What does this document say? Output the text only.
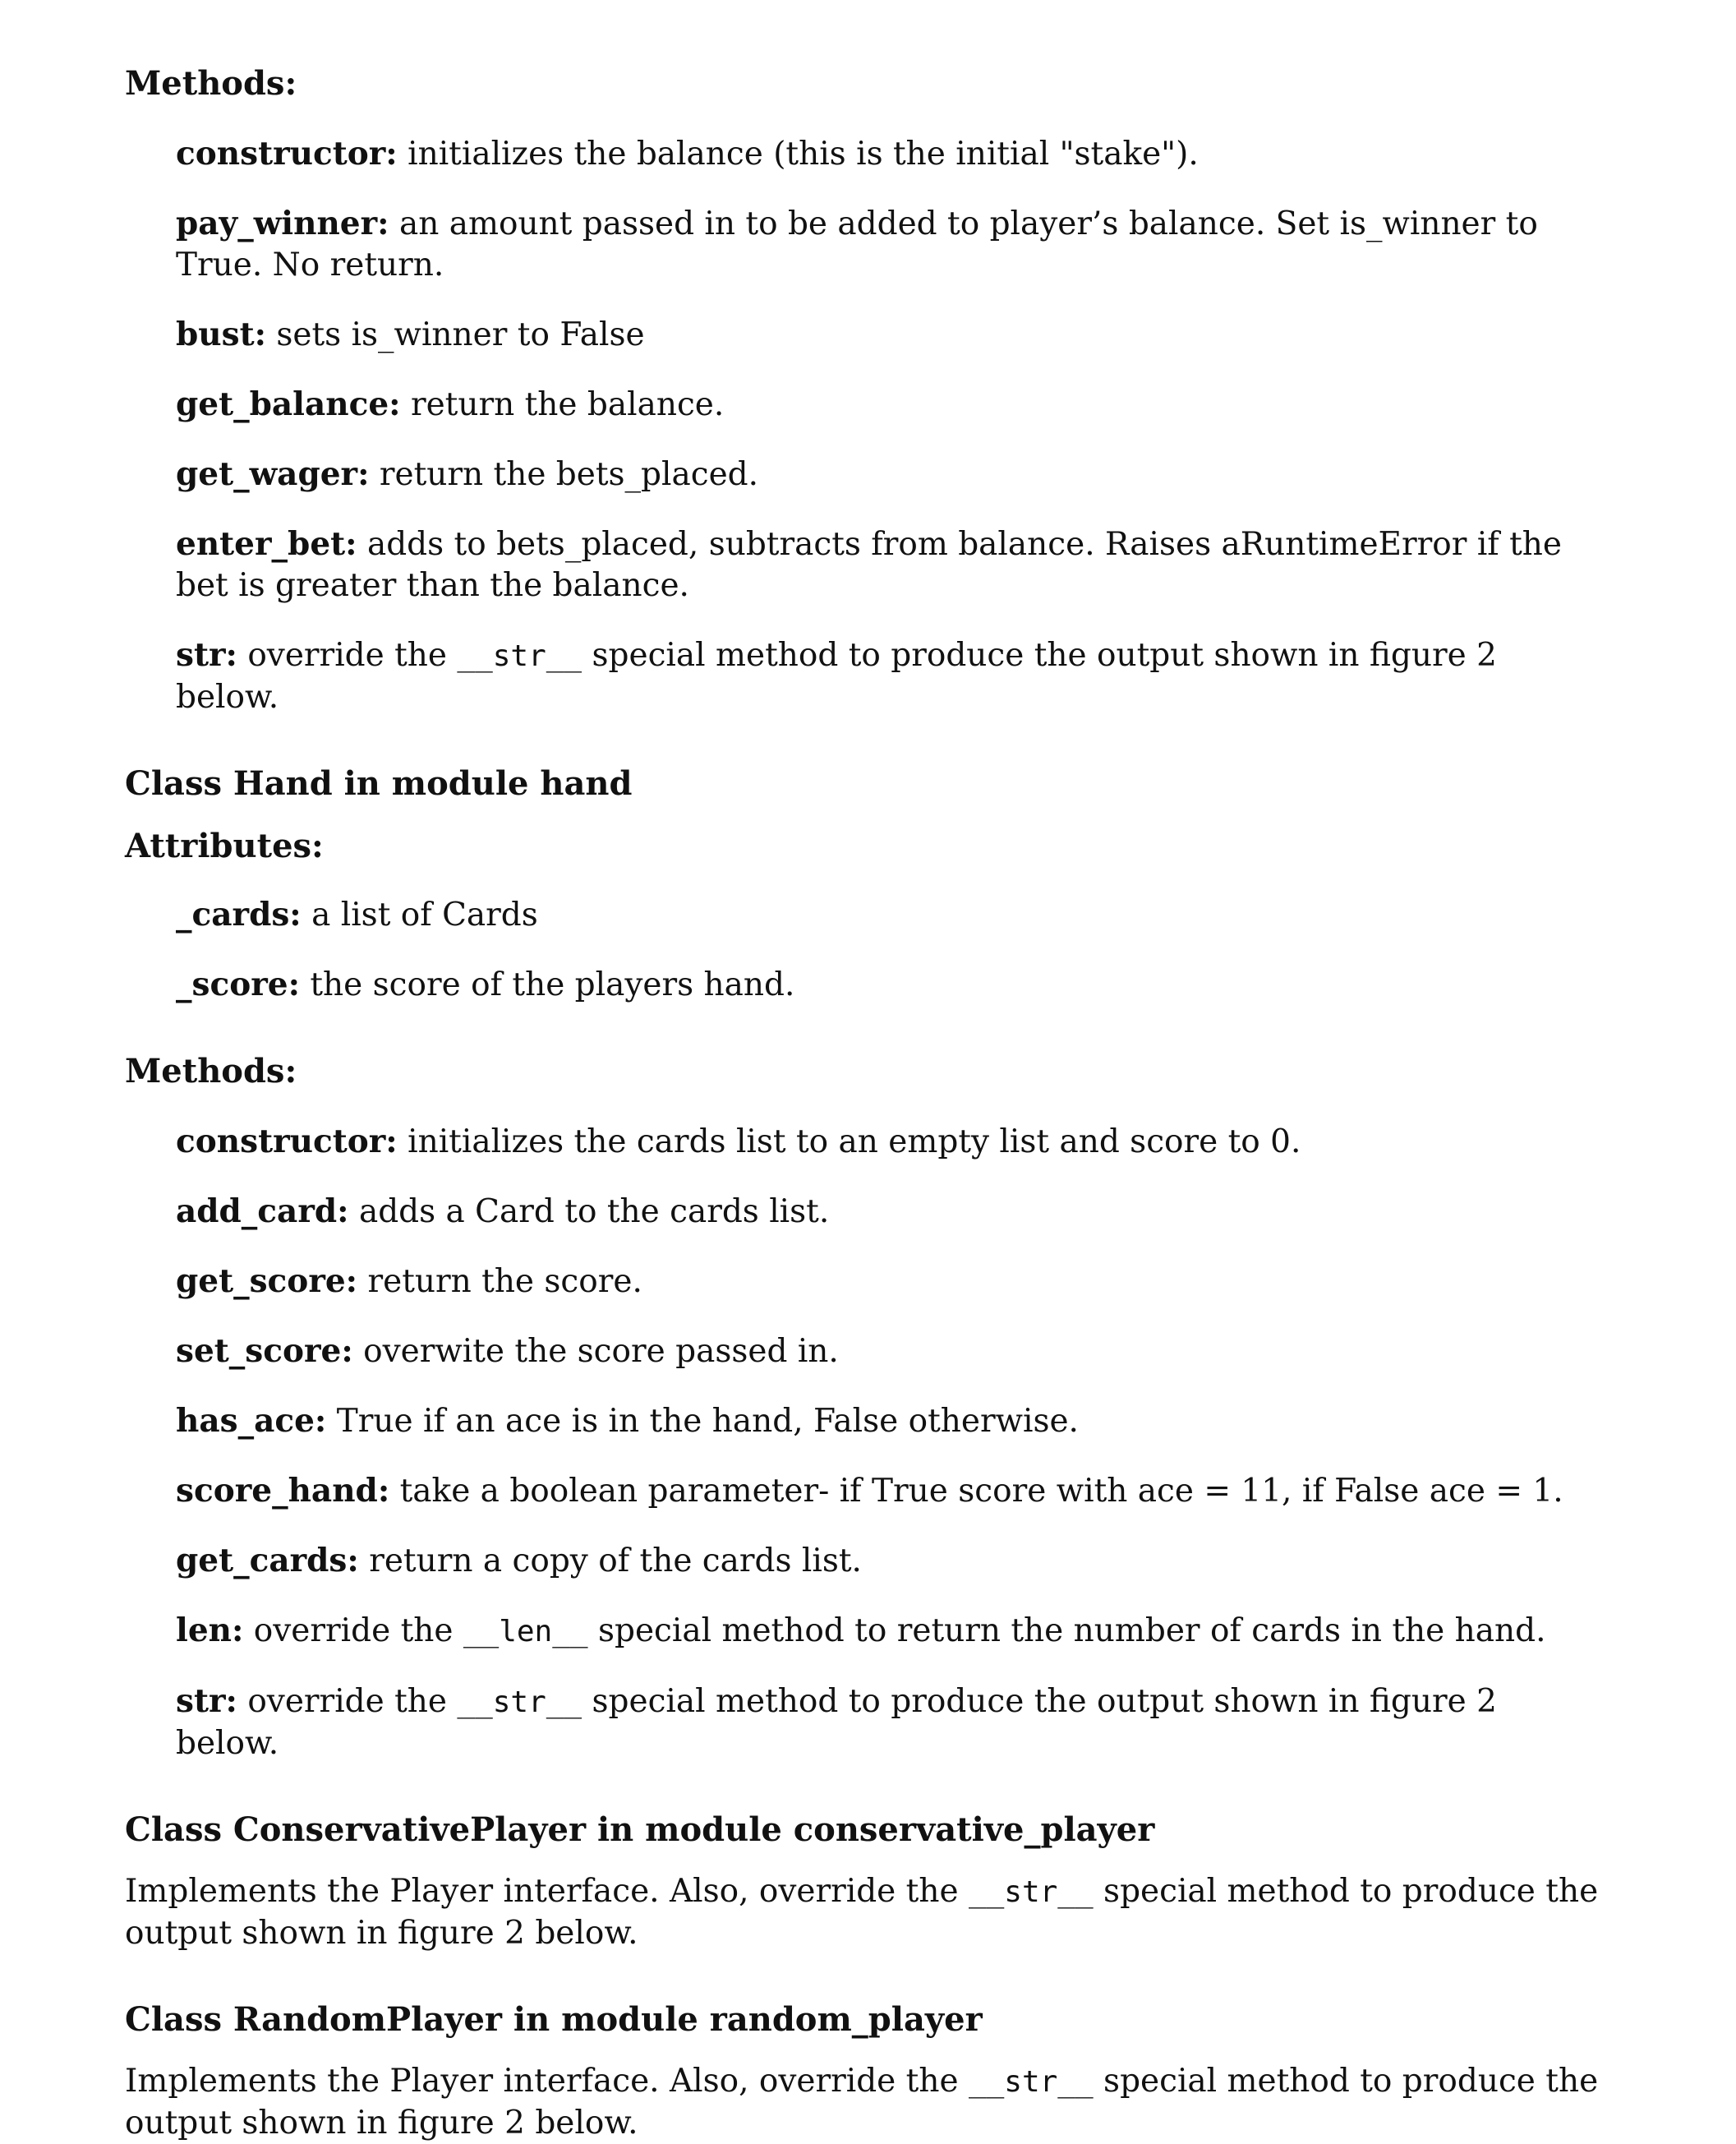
Methods:

constructor: initializes the balance (this is the initial "stake").

pay_winner: an amount passed in to be added to player’s balance. Set is_winner to True. No return.

bust: sets is_winner to False

get_balance: return the balance.

get_wager: return the bets_placed.

enter_bet: adds to bets_placed, subtracts from balance. Raises aRuntimeError if the bet is greater than the balance.

str: override the __str__ special method to produce the output shown in figure 2 below.

Class Hand in module hand

Attributes:

_cards: a list of Cards

_score: the score of the players hand.

Methods:

constructor: initializes the cards list to an empty list and score to 0.

add_card: adds a Card to the cards list.

get_score: return the score.

set_score: overwite the score passed in.

has_ace: True if an ace is in the hand, False otherwise.

score_hand: take a boolean parameter- if True score with ace = 11, if False ace = 1.

get_cards: return a copy of the cards list.

len: override the __len__ special method to return the number of cards in the hand.

str: override the __str__ special method to produce the output shown in figure 2 below.

Class ConservativePlayer in module conservative_player

Implements the Player interface. Also, override the __str__ special method to produce the output shown in figure 2 below.

Class RandomPlayer in module random_player

Implements the Player interface. Also, override the __str__ special method to produce the output shown in figure 2 below.
